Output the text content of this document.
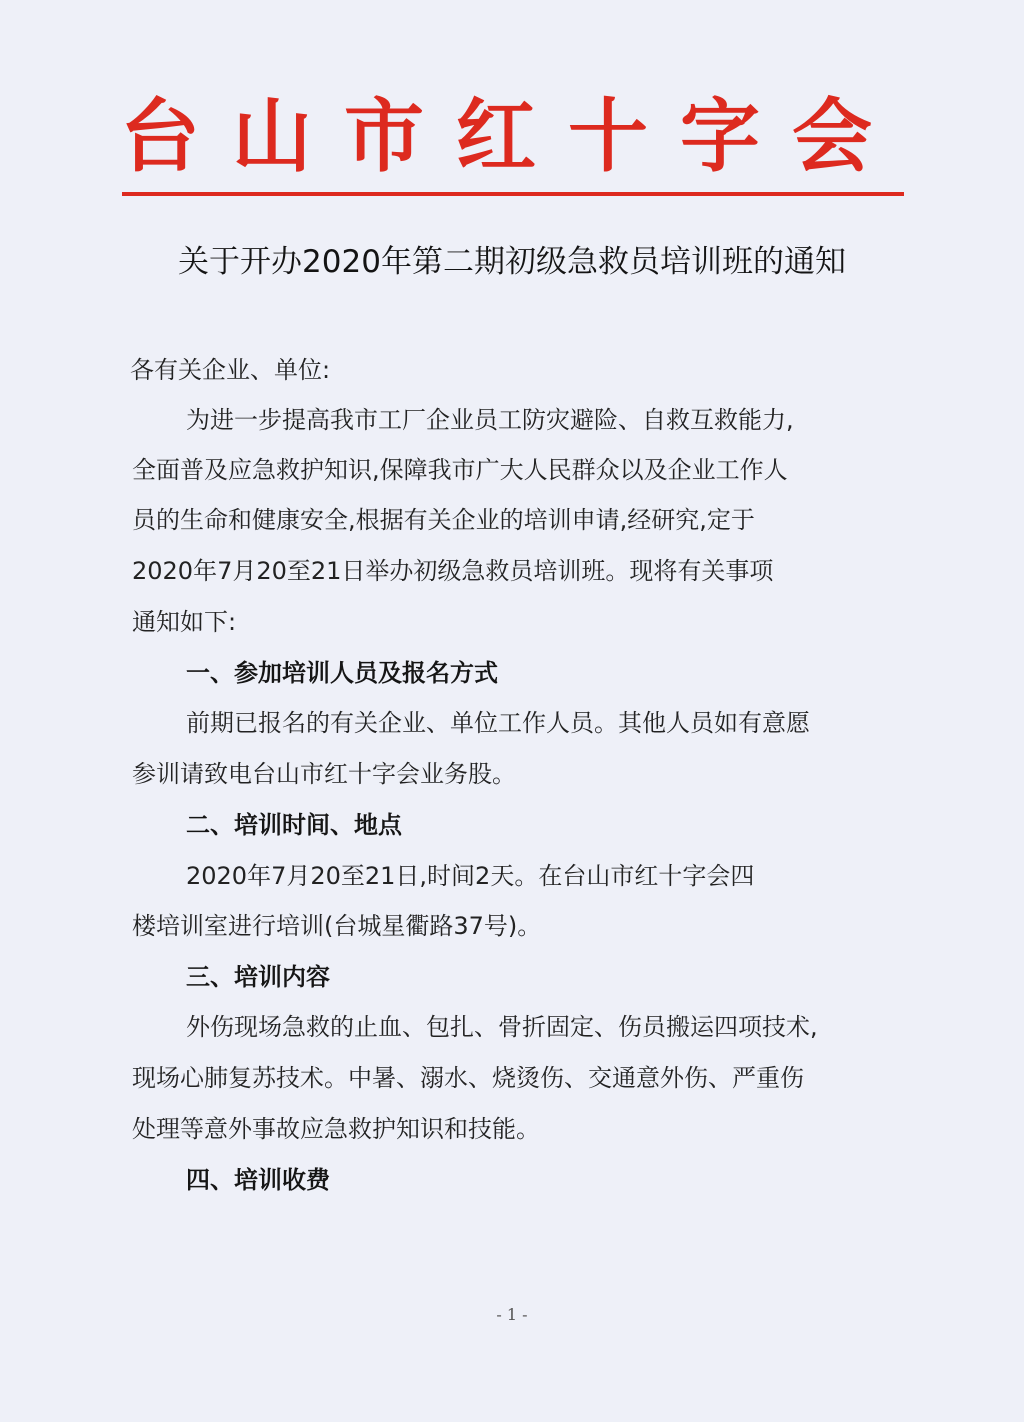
台山市红十字会
关于开办2020年第二期初级急救员培训班的通知
各有关企业、单位:
为进一步提高我市工厂企业员工防灾避险、自救互救能力,
全面普及应急救护知识,保障我市广大人民群众以及企业工作人
员的生命和健康安全,根据有关企业的培训申请,经研究,定于
2020年7月20至21日举办初级急救员培训班。现将有关事项
通知如下:
一、参加培训人员及报名方式
前期已报名的有关企业、单位工作人员。其他人员如有意愿
参训请致电台山市红十字会业务股。
二、培训时间、地点
2020年7月20至21日,时间2天。在台山市红十字会四
楼培训室进行培训(台城星衢路37号)。
三、培训内容
外伤现场急救的止血、包扎、骨折固定、伤员搬运四项技术,
现场心肺复苏技术。中暑、溺水、烧烫伤、交通意外伤、严重伤
处理等意外事故应急救护知识和技能。
四、培训收费
- 1 -
